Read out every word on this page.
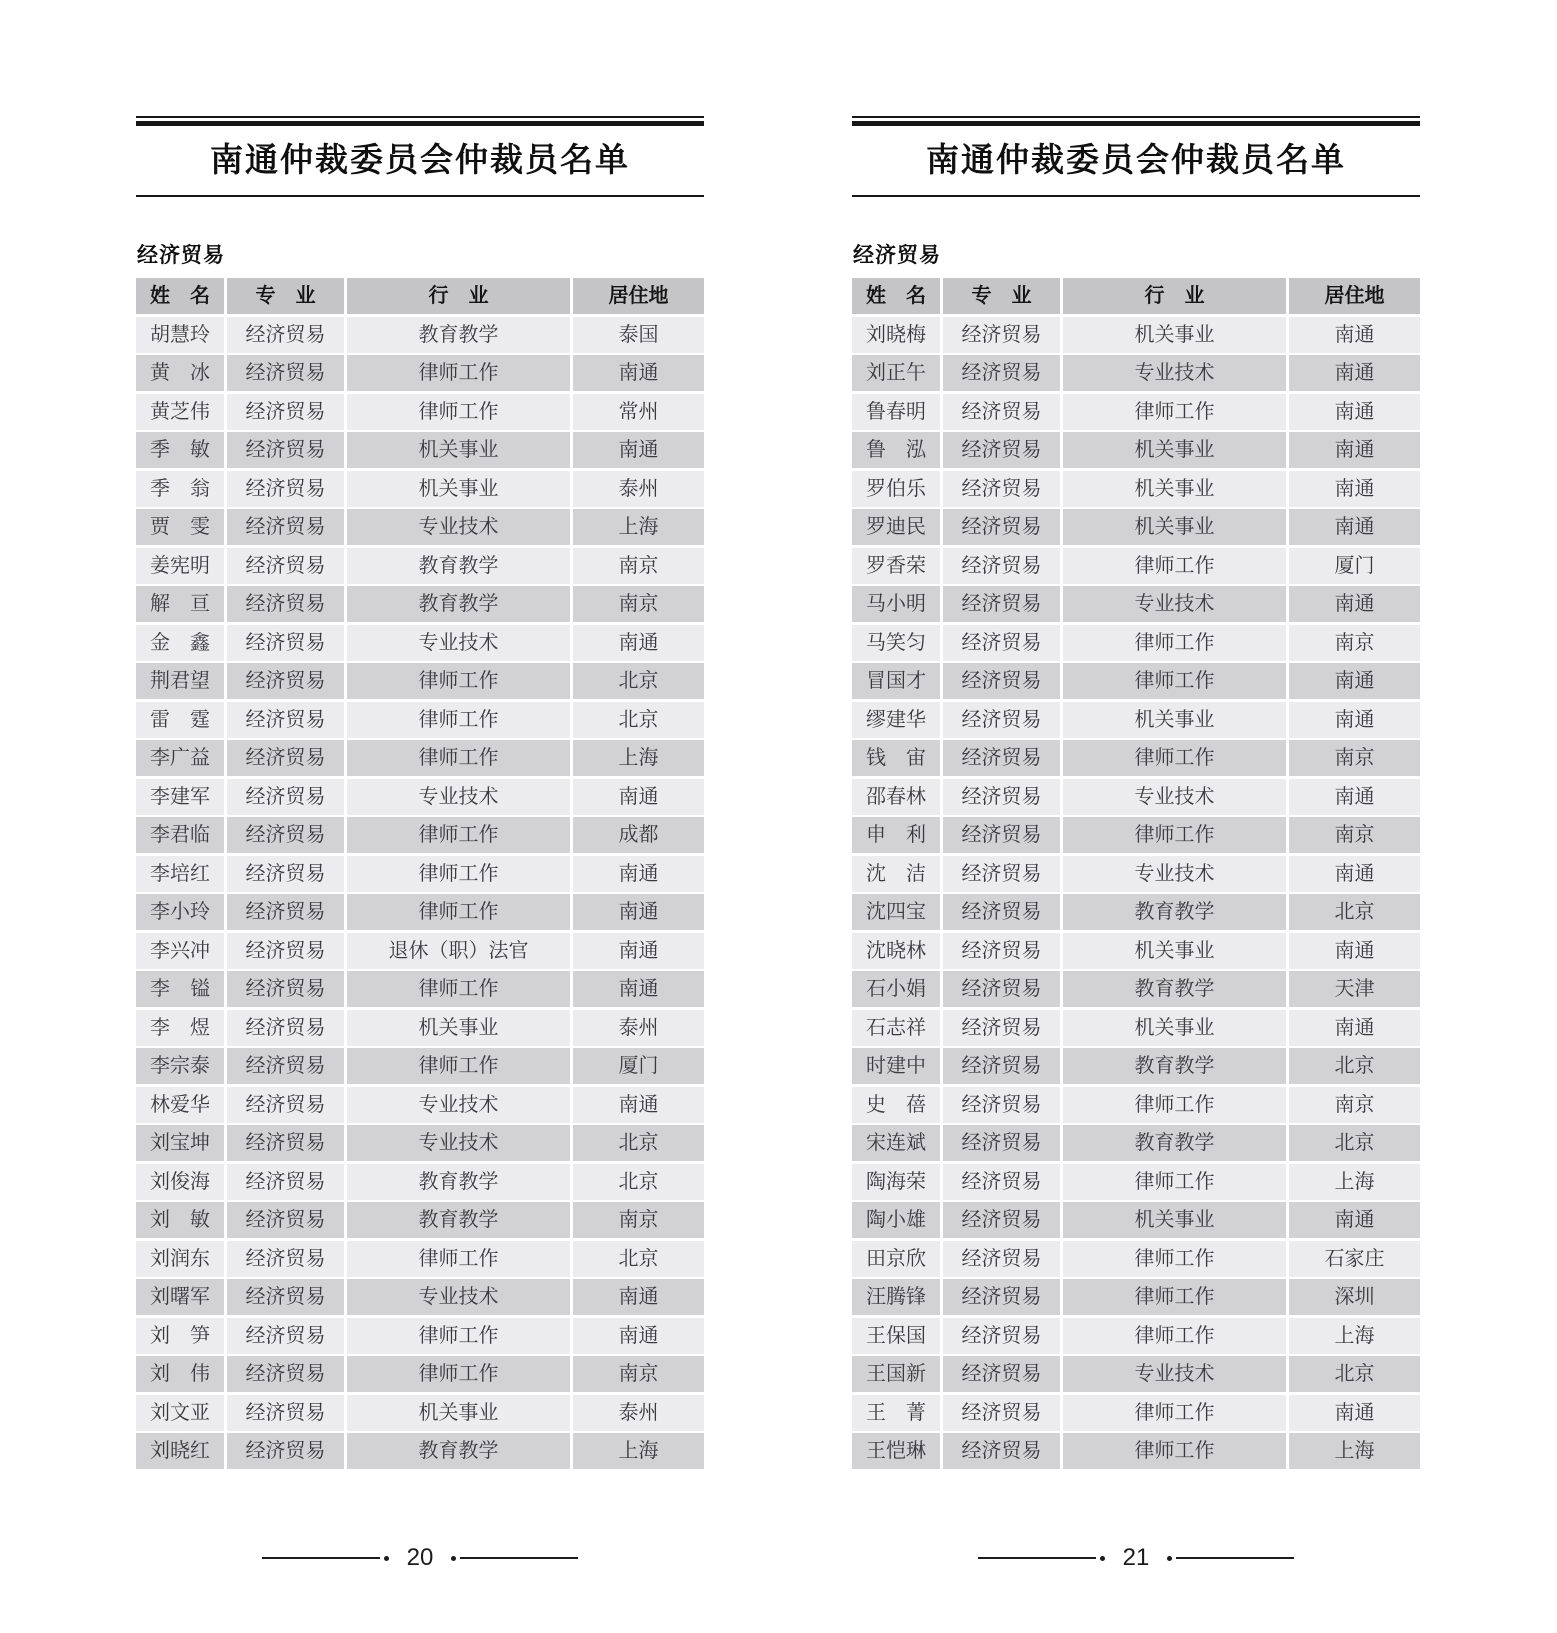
南通仲裁委员会仲裁员名单
经济贸易
姓　名	专　业	行　业	居住地
胡慧玲	经济贸易	教育教学	泰国
黄　冰	经济贸易	律师工作	南通
黄芝伟	经济贸易	律师工作	常州
季　敏	经济贸易	机关事业	南通
季　翁	经济贸易	机关事业	泰州
贾　雯	经济贸易	专业技术	上海
姜宪明	经济贸易	教育教学	南京
解　亘	经济贸易	教育教学	南京
金　鑫	经济贸易	专业技术	南通
荆君望	经济贸易	律师工作	北京
雷　霆	经济贸易	律师工作	北京
李广益	经济贸易	律师工作	上海
李建军	经济贸易	专业技术	南通
李君临	经济贸易	律师工作	成都
李培红	经济贸易	律师工作	南通
李小玲	经济贸易	律师工作	南通
李兴冲	经济贸易	退休（职）法官	南通
李　镒	经济贸易	律师工作	南通
李　煜	经济贸易	机关事业	泰州
李宗泰	经济贸易	律师工作	厦门
林爱华	经济贸易	专业技术	南通
刘宝坤	经济贸易	专业技术	北京
刘俊海	经济贸易	教育教学	北京
刘　敏	经济贸易	教育教学	南京
刘润东	经济贸易	律师工作	北京
刘曙军	经济贸易	专业技术	南通
刘　笋	经济贸易	律师工作	南通
刘　伟	经济贸易	律师工作	南京
刘文亚	经济贸易	机关事业	泰州
刘晓红	经济贸易	教育教学	上海
20
南通仲裁委员会仲裁员名单
经济贸易
姓　名	专　业	行　业	居住地
刘晓梅	经济贸易	机关事业	南通
刘正午	经济贸易	专业技术	南通
鲁春明	经济贸易	律师工作	南通
鲁　泓	经济贸易	机关事业	南通
罗伯乐	经济贸易	机关事业	南通
罗迪民	经济贸易	机关事业	南通
罗香荣	经济贸易	律师工作	厦门
马小明	经济贸易	专业技术	南通
马笑匀	经济贸易	律师工作	南京
冒国才	经济贸易	律师工作	南通
缪建华	经济贸易	机关事业	南通
钱　宙	经济贸易	律师工作	南京
邵春林	经济贸易	专业技术	南通
申　利	经济贸易	律师工作	南京
沈　洁	经济贸易	专业技术	南通
沈四宝	经济贸易	教育教学	北京
沈晓林	经济贸易	机关事业	南通
石小娟	经济贸易	教育教学	天津
石志祥	经济贸易	机关事业	南通
时建中	经济贸易	教育教学	北京
史　蓓	经济贸易	律师工作	南京
宋连斌	经济贸易	教育教学	北京
陶海荣	经济贸易	律师工作	上海
陶小雄	经济贸易	机关事业	南通
田京欣	经济贸易	律师工作	石家庄
汪腾锋	经济贸易	律师工作	深圳
王保国	经济贸易	律师工作	上海
王国新	经济贸易	专业技术	北京
王　菁	经济贸易	律师工作	南通
王恺琳	经济贸易	律师工作	上海
21
